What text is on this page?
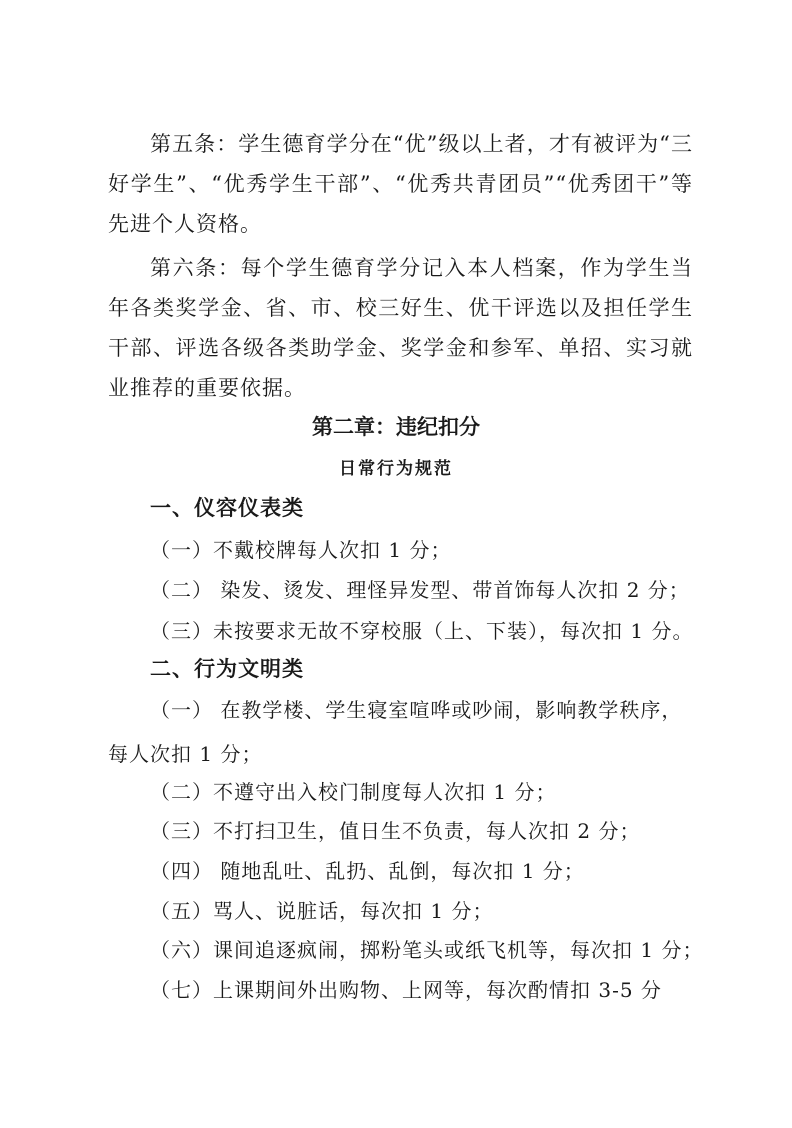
第五条：学生德育学分在“优”级以上者，才有被评为“三好学生”、“优秀学生干部”、“优秀共青团员”“优秀团干”等先进个人资格。
第六条：每个学生德育学分记入本人档案，作为学生当年各类奖学金、省、市、校三好生、优干评选以及担任学生干部、评选各级各类助学金、奖学金和参军、单招、实习就业推荐的重要依据。
第二章：违纪扣分
日常行为规范
一、仪容仪表类
（一）不戴校牌每人次扣 1 分；
（二） 染发、烫发、理怪异发型、带首饰每人次扣 2 分；
（三）未按要求无故不穿校服（上、下装），每次扣 1 分。
二、行为文明类
（一） 在教学楼、学生寝室喧哗或吵闹，影响教学秩序，每人次扣 1 分；
（二）不遵守出入校门制度每人次扣 1 分；
（三）不打扫卫生，值日生不负责，每人次扣 2 分；
（四） 随地乱吐、乱扔、乱倒，每次扣 1 分；
（五）骂人、说脏话，每次扣 1 分；
（六）课间追逐疯闹，掷粉笔头或纸飞机等，每次扣 1 分；
（七）上课期间外出购物、上网等，每次酌情扣 3-5 分
